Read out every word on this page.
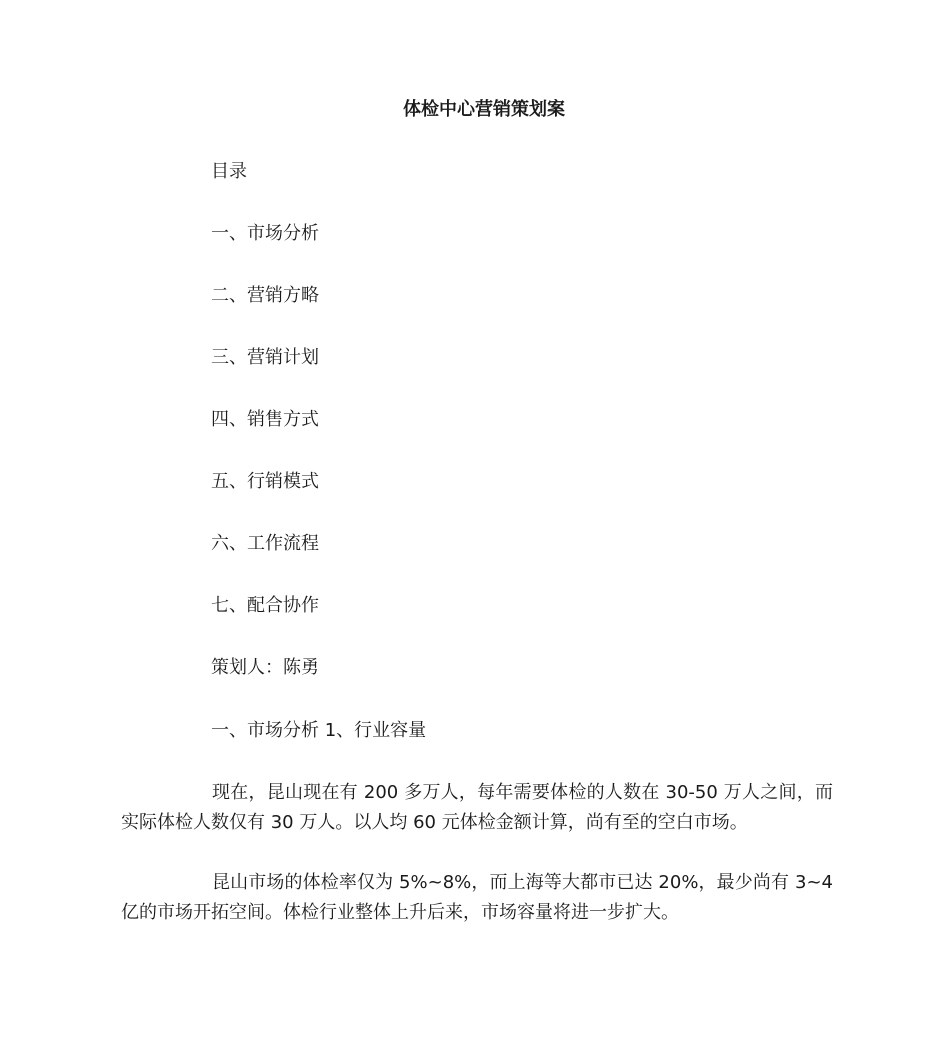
体检中心营销策划案
目录
一、市场分析
二、营销方略
三、营销计划
四、销售方式
五、行销模式
六、工作流程
七、配合协作
策划人：陈勇
一、市场分析 1、行业容量
现在，昆山现在有 200 多万人，每年需要体检的人数在 30-50 万人之间，而实际体检人数仅有 30 万人。以人均 60 元体检金额计算，尚有至的空白市场。
昆山市场的体检率仅为 5%~8%，而上海等大都市已达 20%，最少尚有 3~4 亿的市场开拓空间。体检行业整体上升后来，市场容量将进一步扩大。
